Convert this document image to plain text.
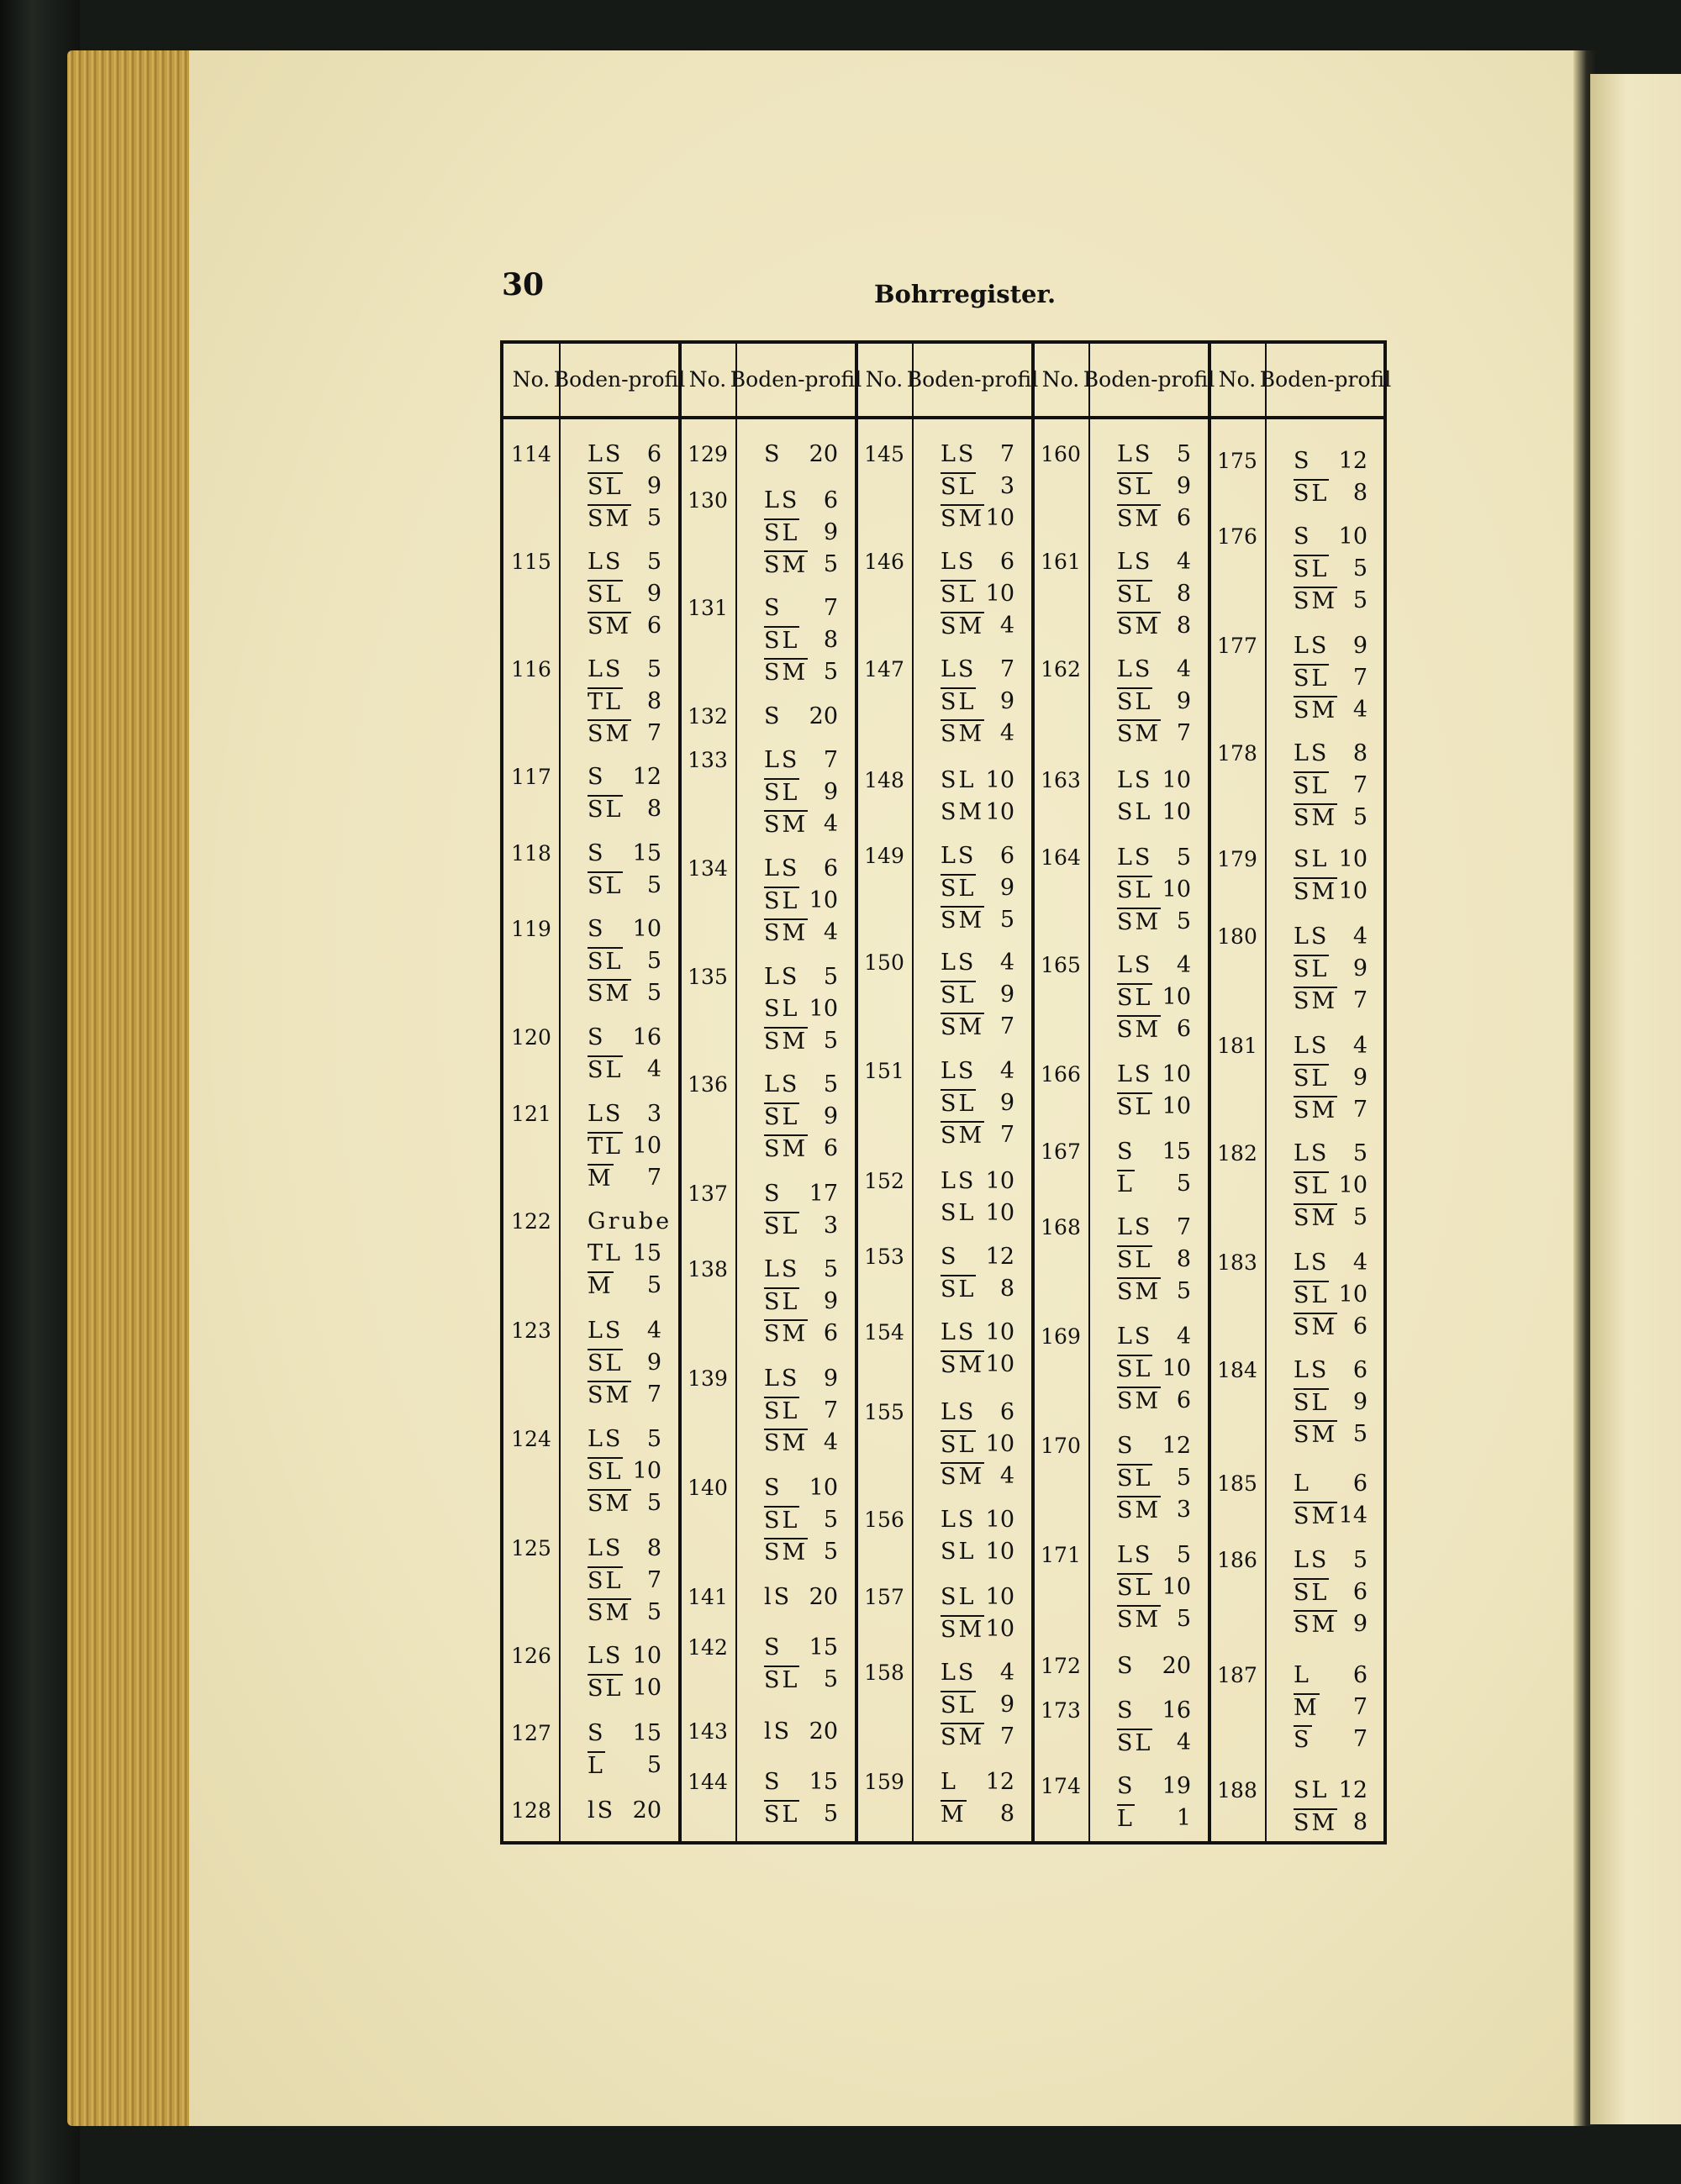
30	Bohrregister.
No. Boden- profil
114 LS	6
SL	9
SM 5
115 LS	5
SL	9
SM 6
116 LS	5
TL	8
SM 7
117 S	12
SL	8
118 S	15
SL	5
119 S	10
SL	5
SM 5
120 S	16
SL	4
121 LS	3
TL 10
M	7
122 Grube
TL 15
M	5
123 LS	4
SL	9
SM 7
124 LS	5
SL 10
SM 5
125 LS	8
SL	7
SM 5
126 LS 10
SL 10
127 S	15
L	5
128 lS 20
No. Boden- profil
129 S	20
130 LS	6
SL	9
SM 5
131 S	7
SL	8
SM 5
132 S	20
133 LS	7
SL	9
SM 4
134 LS	6
SL 10
SM 4
135 LS	5
SL 10
SM 5
136 LS	5
SL	9
SM 6
137 S	17
SL	3
138 LS	5
SL	9
SM 6
139 LS	9
SL	7
SM 4
140 S	10
SL	5
SM 5
141 lS 20
142 S	15
SL	5
143 lS 20
144 S	15
SL	5
No. Boden- profil
145 LS	7
SL	3
SM 10
146 LS	6
SL 10
SM 4
147 LS	7
SL	9
SM 4
148 SL 10
SM 10
149 LS	6
SL	9
SM 5
150 LS	4
SL	9
SM 7
151 LS	4
SL	9
SM 7
152 LS 10
SL 10
153 S	12
SL	8
154 LS 10
SM 10
155 LS	6
SL 10
SM 4
156 LS 10
SL 10
157 SL 10
SM 10
158 LS	4
SL	9
SM 7
159 L	12
M	8
No. Boden- profil
160 LS	5
SL	9
SM 6
161 LS	4
SL	8
SM 8
162 LS	4
SL	9
SM 7
163 LS 10
SL 10
164 LS	5
SL 10
SM 5
165 LS	4
SL 10
SM 6
166 LS 10
SL 10
167 S	15
L	5
168 LS	7
SL	8
SM 5
169 LS	4
SL 10
SM 6
170 S	12
SL	5
SM 3
171 LS	5
SL 10
SM 5
172 S	20
173 S	16
SL	4
174 S	19
L	1
No. Boden- profil
175 S	12
SL	8
176 S	10
SL	5
SM 5
177 LS	9
SL	7
SM 4
178 LS	8
SL	7
SM 5
179 SL 10
SM 10
180 LS	4
SL	9
SM 7
181 LS	4
SL	9
SM 7
182 LS	5
SL 10
SM 5
183 LS	4
SL 10
SM 6
184 LS	6
SL	9
SM 5
185 L	6
SM 14
186 LS	5
SL	6
SM 9
187 L	6
M	7
S	7
188 SL 12
SM 8
